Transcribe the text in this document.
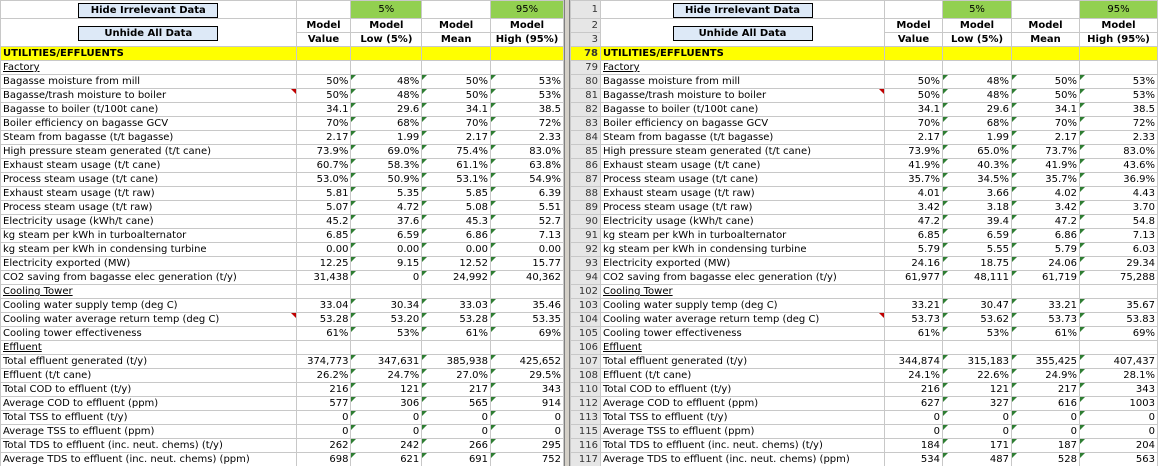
Hide Irrelevant Data		5%		95%
Unhide All Data	Model	Model	Model	Model
	Value	Low (5%)	Mean	High (95%)
UTILITIES/EFFLUENTS				
Factory				
Bagasse moisture from mill	50%	48%	50%	53%
Bagasse/trash moisture to boiler	50%	48%	50%	53%
Bagasse to boiler (t/100t cane)	34.1	29.6	34.1	38.5
Boiler efficiency on bagasse GCV	70%	68%	70%	72%
Steam from bagasse (t/t bagasse)	2.17	1.99	2.17	2.33
High pressure steam generated (t/t cane)	73.9%	69.0%	75.4%	83.0%
Exhaust steam usage (t/t cane)	60.7%	58.3%	61.1%	63.8%
Process steam usage (t/t cane)	53.0%	50.9%	53.1%	54.9%
Exhaust steam usage (t/t raw)	5.81	5.35	5.85	6.39
Process steam usage (t/t raw)	5.07	4.72	5.08	5.51
Electricity usage (kWh/t cane)	45.2	37.6	45.3	52.7
kg steam per kWh in turboalternator	6.85	6.59	6.86	7.13
kg steam per kWh in condensing turbine	0.00	0.00	0.00	0.00
Electricity exported (MW)	12.25	9.15	12.52	15.77
CO2 saving from bagasse elec generation (t/y)	31,438	0	24,992	40,362
Cooling Tower				
Cooling water supply temp (deg C)	33.04	30.34	33.03	35.46
Cooling water average return temp (deg C)	53.28	53.20	53.28	53.35
Cooling tower effectiveness	61%	53%	61%	69%
Effluent				
Total effluent generated (t/y)	374,773	347,631	385,938	425,652
Effluent (t/t cane)	26.2%	24.7%	27.0%	29.5%
Total COD to effluent (t/y)	216	121	217	343
Average COD to effluent (ppm)	577	306	565	914
Total TSS to effluent (t/y)	0	0	0	0
Average TSS to effluent (ppm)	0	0	0	0
Total TDS to effluent (inc. neut. chems) (t/y)	262	242	266	295
Average TDS to effluent (inc. neut. chems) (ppm)	698	621	691	752
1	Hide Irrelevant Data		5%		95%
2	Unhide All Data	Model	Model	Model	Model
3		Value	Low (5%)	Mean	High (95%)
78	UTILITIES/EFFLUENTS				
79	Factory				
80	Bagasse moisture from mill	50%	48%	50%	53%
81	Bagasse/trash moisture to boiler	50%	48%	50%	53%
82	Bagasse to boiler (t/100t cane)	34.1	29.6	34.1	38.5
83	Boiler efficiency on bagasse GCV	70%	68%	70%	72%
84	Steam from bagasse (t/t bagasse)	2.17	1.99	2.17	2.33
85	High pressure steam generated (t/t cane)	73.9%	65.0%	73.7%	83.0%
86	Exhaust steam usage (t/t cane)	41.9%	40.3%	41.9%	43.6%
87	Process steam usage (t/t cane)	35.7%	34.5%	35.7%	36.9%
88	Exhaust steam usage (t/t raw)	4.01	3.66	4.02	4.43
89	Process steam usage (t/t raw)	3.42	3.18	3.42	3.70
90	Electricity usage (kWh/t cane)	47.2	39.4	47.2	54.8
91	kg steam per kWh in turboalternator	6.85	6.59	6.86	7.13
92	kg steam per kWh in condensing turbine	5.79	5.55	5.79	6.03
93	Electricity exported (MW)	24.16	18.75	24.06	29.34
94	CO2 saving from bagasse elec generation (t/y)	61,977	48,111	61,719	75,288
102	Cooling Tower				
103	Cooling water supply temp (deg C)	33.21	30.47	33.21	35.67
104	Cooling water average return temp (deg C)	53.73	53.62	53.73	53.83
105	Cooling tower effectiveness	61%	53%	61%	69%
106	Effluent				
107	Total effluent generated (t/y)	344,874	315,183	355,425	407,437
108	Effluent (t/t cane)	24.1%	22.6%	24.9%	28.1%
110	Total COD to effluent (t/y)	216	121	217	343
112	Average COD to effluent (ppm)	627	327	616	1003
113	Total TSS to effluent (t/y)	0	0	0	0
115	Average TSS to effluent (ppm)	0	0	0	0
116	Total TDS to effluent (inc. neut. chems) (t/y)	184	171	187	204
117	Average TDS to effluent (inc. neut. chems) (ppm)	534	487	528	563
